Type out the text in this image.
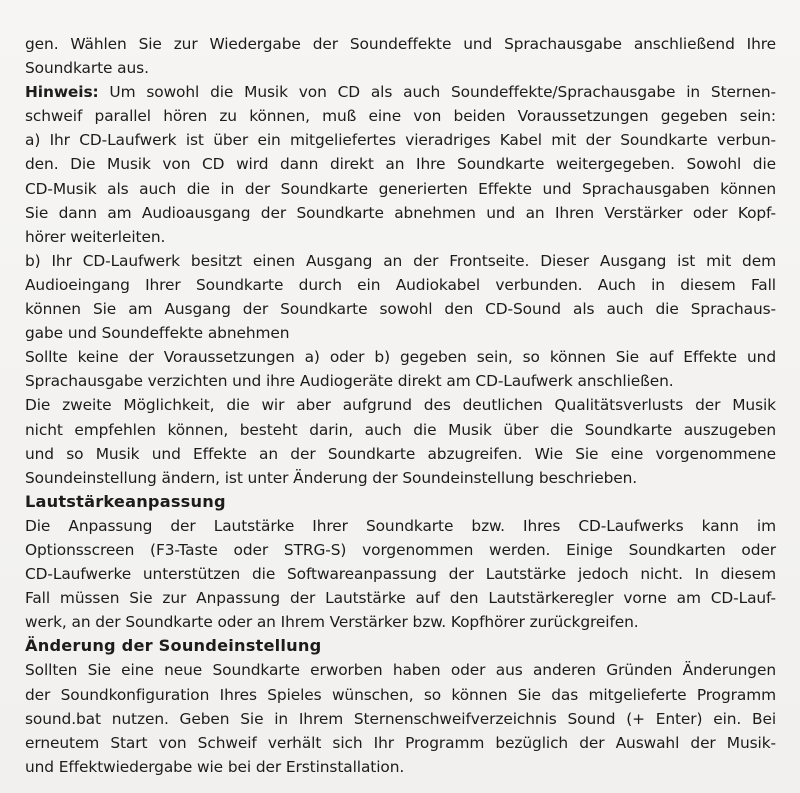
gen. Wählen Sie zur Wiedergabe der Soundeffekte und Sprachausgabe anschließend Ihre
Soundkarte aus.
Hinweis: Um sowohl die Musik von CD als auch Soundeffekte/Sprachausgabe in Sternen-
schweif parallel hören zu können, muß eine von beiden Voraussetzungen gegeben sein:
a) Ihr CD-Laufwerk ist über ein mitgeliefertes vieradriges Kabel mit der Soundkarte verbun-
den. Die Musik von CD wird dann direkt an Ihre Soundkarte weitergegeben. Sowohl die
CD-Musik als auch die in der Soundkarte generierten Effekte und Sprachausgaben können
Sie dann am Audioausgang der Soundkarte abnehmen und an Ihren Verstärker oder Kopf-
hörer weiterleiten.
b) Ihr CD-Laufwerk besitzt einen Ausgang an der Frontseite. Dieser Ausgang ist mit dem
Audioeingang Ihrer Soundkarte durch ein Audiokabel verbunden. Auch in diesem Fall
können Sie am Ausgang der Soundkarte sowohl den CD-Sound als auch die Sprachaus-
gabe und Soundeffekte abnehmen
Sollte keine der Voraussetzungen a) oder b) gegeben sein, so können Sie auf Effekte und
Sprachausgabe verzichten und ihre Audiogeräte direkt am CD-Laufwerk anschließen.
Die zweite Möglichkeit, die wir aber aufgrund des deutlichen Qualitätsverlusts der Musik
nicht empfehlen können, besteht darin, auch die Musik über die Soundkarte auszugeben
und so Musik und Effekte an der Soundkarte abzugreifen. Wie Sie eine vorgenommene
Soundeinstellung ändern, ist unter Änderung der Soundeinstellung beschrieben.
Lautstärkeanpassung
Die Anpassung der Lautstärke Ihrer Soundkarte bzw. Ihres CD-Laufwerks kann im
Optionsscreen (F3-Taste oder STRG-S) vorgenommen werden. Einige Soundkarten oder
CD-Laufwerke unterstützen die Softwareanpassung der Lautstärke jedoch nicht. In diesem
Fall müssen Sie zur Anpassung der Lautstärke auf den Lautstärkeregler vorne am CD-Lauf-
werk, an der Soundkarte oder an Ihrem Verstärker bzw. Kopfhörer zurückgreifen.
Änderung der Soundeinstellung
Sollten Sie eine neue Soundkarte erworben haben oder aus anderen Gründen Änderungen
der Soundkonfiguration Ihres Spieles wünschen, so können Sie das mitgelieferte Programm
sound.bat nutzen. Geben Sie in Ihrem Sternenschweifverzeichnis Sound (+ Enter) ein. Bei
erneutem Start von Schweif verhält sich Ihr Programm bezüglich der Auswahl der Musik-
und Effektwiedergabe wie bei der Erstinstallation.
